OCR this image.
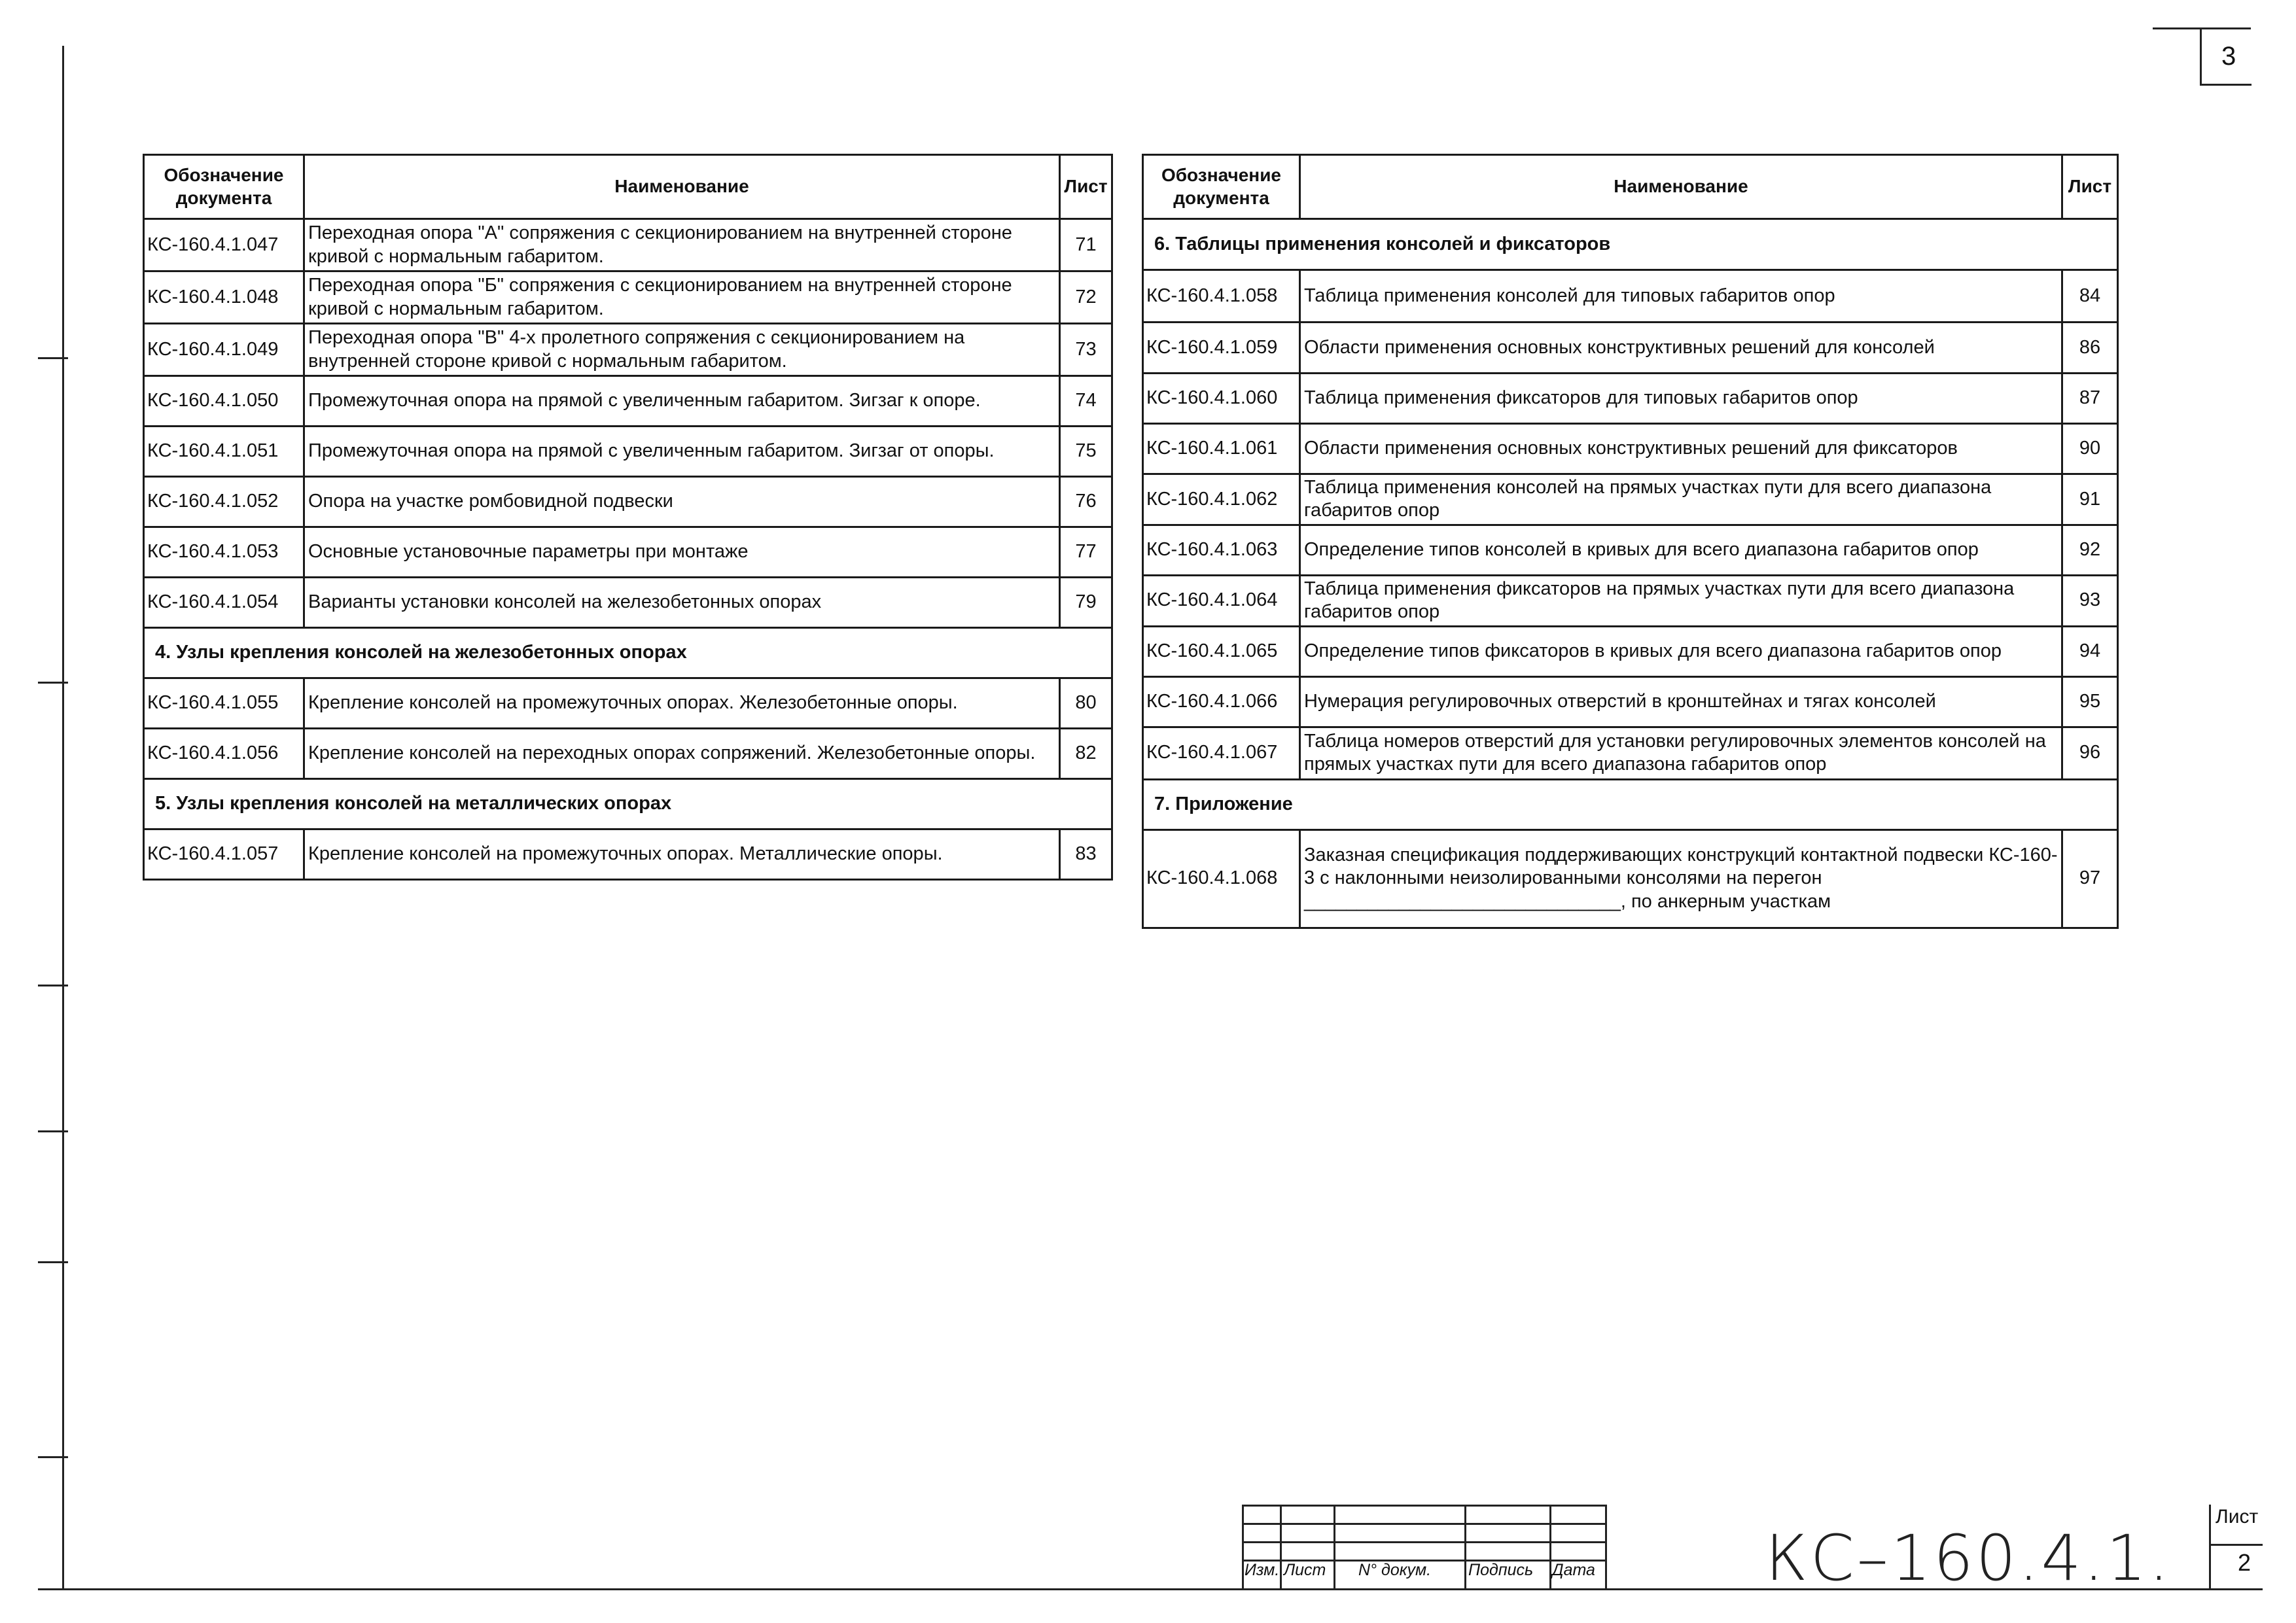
3
Обозначение документа	Наименование	Лист
КС-160.4.1.047	Переходная опора "А" сопряжения с секционированием на внутренней стороне кривой с нормальным габаритом.	71
КС-160.4.1.048	Переходная опора "Б" сопряжения с секционированием на внутренней стороне кривой с нормальным габаритом.	72
КС-160.4.1.049	Переходная опора "В" 4-х пролетного сопряжения с секционированием на внутренней стороне кривой с нормальным габаритом.	73
КС-160.4.1.050	Промежуточная опора на прямой с увеличенным габаритом. Зигзаг к опоре.	74
КС-160.4.1.051	Промежуточная опора на прямой с увеличенным габаритом. Зигзаг от опоры.	75
КС-160.4.1.052	Опора на участке ромбовидной подвески	76
КС-160.4.1.053	Основные установочные параметры при монтаже	77
КС-160.4.1.054	Варианты установки консолей на железобетонных опорах	79
4. Узлы крепления консолей на железобетонных опорах		
КС-160.4.1.055	Крепление консолей на промежуточных опорах. Железобетонные опоры.	80
КС-160.4.1.056	Крепление консолей на переходных опорах сопряжений. Железобетонные опоры.	82
5. Узлы крепления консолей на металлических опорах		
КС-160.4.1.057	Крепление консолей на промежуточных опорах. Металлические опоры.	83
Обозначение документа	Наименование	Лист
6. Таблицы применения консолей и фиксаторов		
КС-160.4.1.058	Таблица применения консолей для типовых габаритов опор	84
КС-160.4.1.059	Области применения основных конструктивных решений для консолей	86
КС-160.4.1.060	Таблица применения фиксаторов для типовых габаритов опор	87
КС-160.4.1.061	Области применения основных конструктивных решений для фиксаторов	90
КС-160.4.1.062	Таблица применения консолей на прямых участках пути для всего диапазона габаритов опор	91
КС-160.4.1.063	Определение типов консолей в кривых для всего диапазона габаритов опор	92
КС-160.4.1.064	Таблица применения фиксаторов на прямых участках пути для всего диапазона габаритов опор	93
КС-160.4.1.065	Определение типов фиксаторов в кривых для всего диапазона габаритов опор	94
КС-160.4.1.066	Нумерация регулировочных отверстий в кронштейнах и тягах консолей	95
КС-160.4.1.067	Таблица номеров отверстий для установки регулировочных элементов консолей на прямых участках пути для всего диапазона габаритов опор	96
7. Приложение		
КС-160.4.1.068	Заказная спецификация поддерживающих конструкций контактной подвески КС-160-3 с наклонными неизолированными консолями на перегон ______________________________, по анкерным участкам	97
Изм. Лист N° докум. Подпись Дата	КС–160.4.1.
Лист
2
